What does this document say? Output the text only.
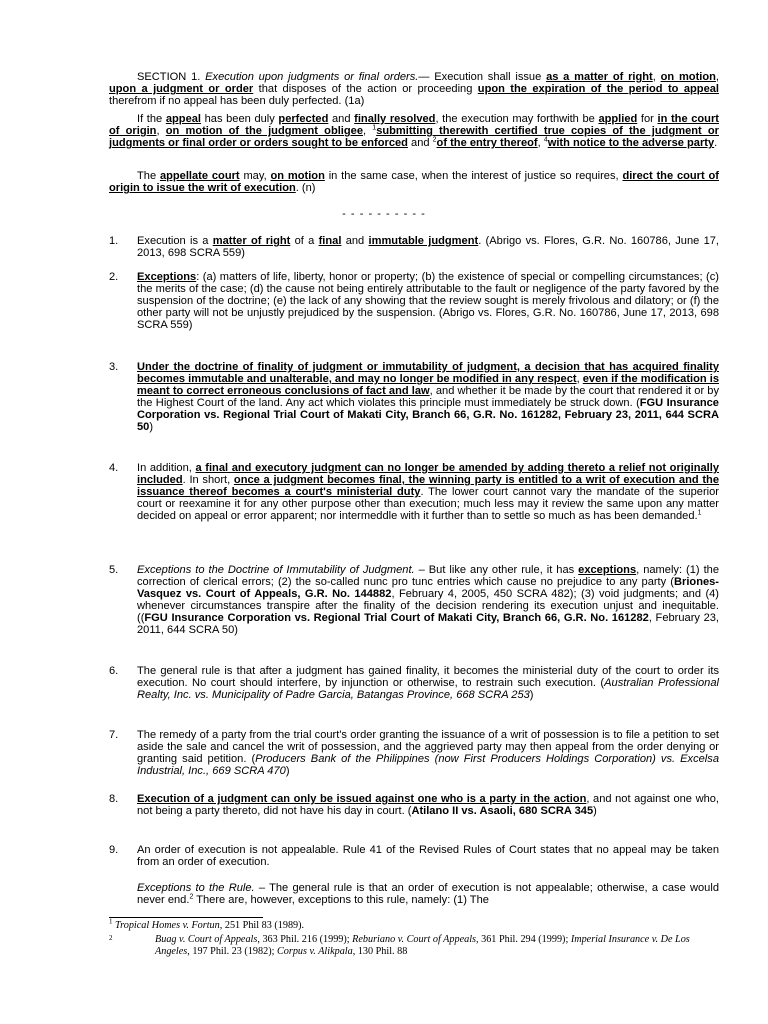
SECTION 1. Execution upon judgments or final orders.— Execution shall issue as a matter of right, on motion, upon a judgment or order that disposes of the action or proceeding upon the expiration of the period to appeal therefrom if no appeal has been duly perfected. (1a)

If the appeal has been duly perfected and finally resolved, the execution may forthwith be applied for in the court of origin, on motion of the judgment obligee, $^1$submitting therewith certified true copies of the judgment or judgments or final order or orders sought to be enforced and $^2$of the entry thereof, $^4$with notice to the adverse party.

The appellate court may, on motion in the same case, when the interest of justice so requires, direct the court of origin to issue the writ of execution. (n)

- - - - - - - - - -
1.	Execution is a matter of right of a final and immutable judgment. (Abrigo vs. Flores, G.R. No. 160786, June 17, 2013, 698 SCRA 559)
2.	Exceptions: (a) matters of life, liberty, honor or property; (b) the existence of special or compelling circumstances; (c) the merits of the case; (d) the cause not being entirely attributable to the fault or negligence of the party favored by the suspension of the doctrine; (e) the lack of any showing that the review sought is merely frivolous and dilatory; or (f) the other party will not be unjustly prejudiced by the suspension. (Abrigo vs. Flores, G.R. No. 160786, June 17, 2013, 698 SCRA 559)
3.	Under the doctrine of finality of judgment or immutability of judgment, a decision that has acquired finality becomes immutable and unalterable, and may no longer be modified in any respect, even if the modification is meant to correct erroneous conclusions of fact and law, and whether it be made by the court that rendered it or by the Highest Court of the land. Any act which violates this principle must immediately be struck down. (FGU Insurance Corporation vs. Regional Trial Court of Makati City, Branch 66, G.R. No. 161282, February 23, 2011, 644 SCRA 50)
4.	In addition, a final and executory judgment can no longer be amended by adding thereto a relief not originally included. In short, once a judgment becomes final, the winning party is entitled to a writ of execution and the issuance thereof becomes a court's ministerial duty. The lower court cannot vary the mandate of the superior court or reexamine it for any other purpose other than execution; much less may it review the same upon any matter decided on appeal or error apparent; nor intermeddle with it further than to settle so much as has been demanded.$^1$
5.	Exceptions to the Doctrine of Immutability of Judgment. – But like any other rule, it has exceptions, namely: (1) the correction of clerical errors; (2) the so-called nunc pro tunc entries which cause no prejudice to any party (Briones-Vasquez vs. Court of Appeals, G.R. No. 144882, February 4, 2005, 450 SCRA 482); (3) void judgments; and (4) whenever circumstances transpire after the finality of the decision rendering its execution unjust and inequitable. ((FGU Insurance Corporation vs. Regional Trial Court of Makati City, Branch 66, G.R. No. 161282, February 23, 2011, 644 SCRA 50)
6.	The general rule is that after a judgment has gained finality, it becomes the ministerial duty of the court to order its execution. No court should interfere, by injunction or otherwise, to restrain such execution. (Australian Professional Realty, Inc. vs. Municipality of Padre Garcia, Batangas Province, 668 SCRA 253)
7.	The remedy of a party from the trial court's order granting the issuance of a writ of possession is to file a petition to set aside the sale and cancel the writ of possession, and the aggrieved party may then appeal from the order denying or granting said petition. (Producers Bank of the Philippines (now First Producers Holdings Corporation) vs. Excelsa Industrial, Inc., 669 SCRA 470)
8.	Execution of a judgment can only be issued against one who is a party in the action, and not against one who, not being a party thereto, did not have his day in court. (Atilano II vs. Asaoli, 680 SCRA 345)
9.	An order of execution is not appealable. Rule 41 of the Revised Rules of Court states that no appeal may be taken from an order of execution.

Exceptions to the Rule. – The general rule is that an order of execution is not appealable; otherwise, a case would never end.$^2$ There are, however, exceptions to this rule, namely: (1) The

$^1$ Tropical Homes v. Fortun, 251 Phil 83 (1989).
2	Buag v. Court of Appeals, 363 Phil. 216 (1999); Reburiano v. Court of Appeals, 361 Phil. 294 (1999); Imperial Insurance v. De Los Angeles, 197 Phil. 23 (1982); Corpus v. Alikpala, 130 Phil. 88
